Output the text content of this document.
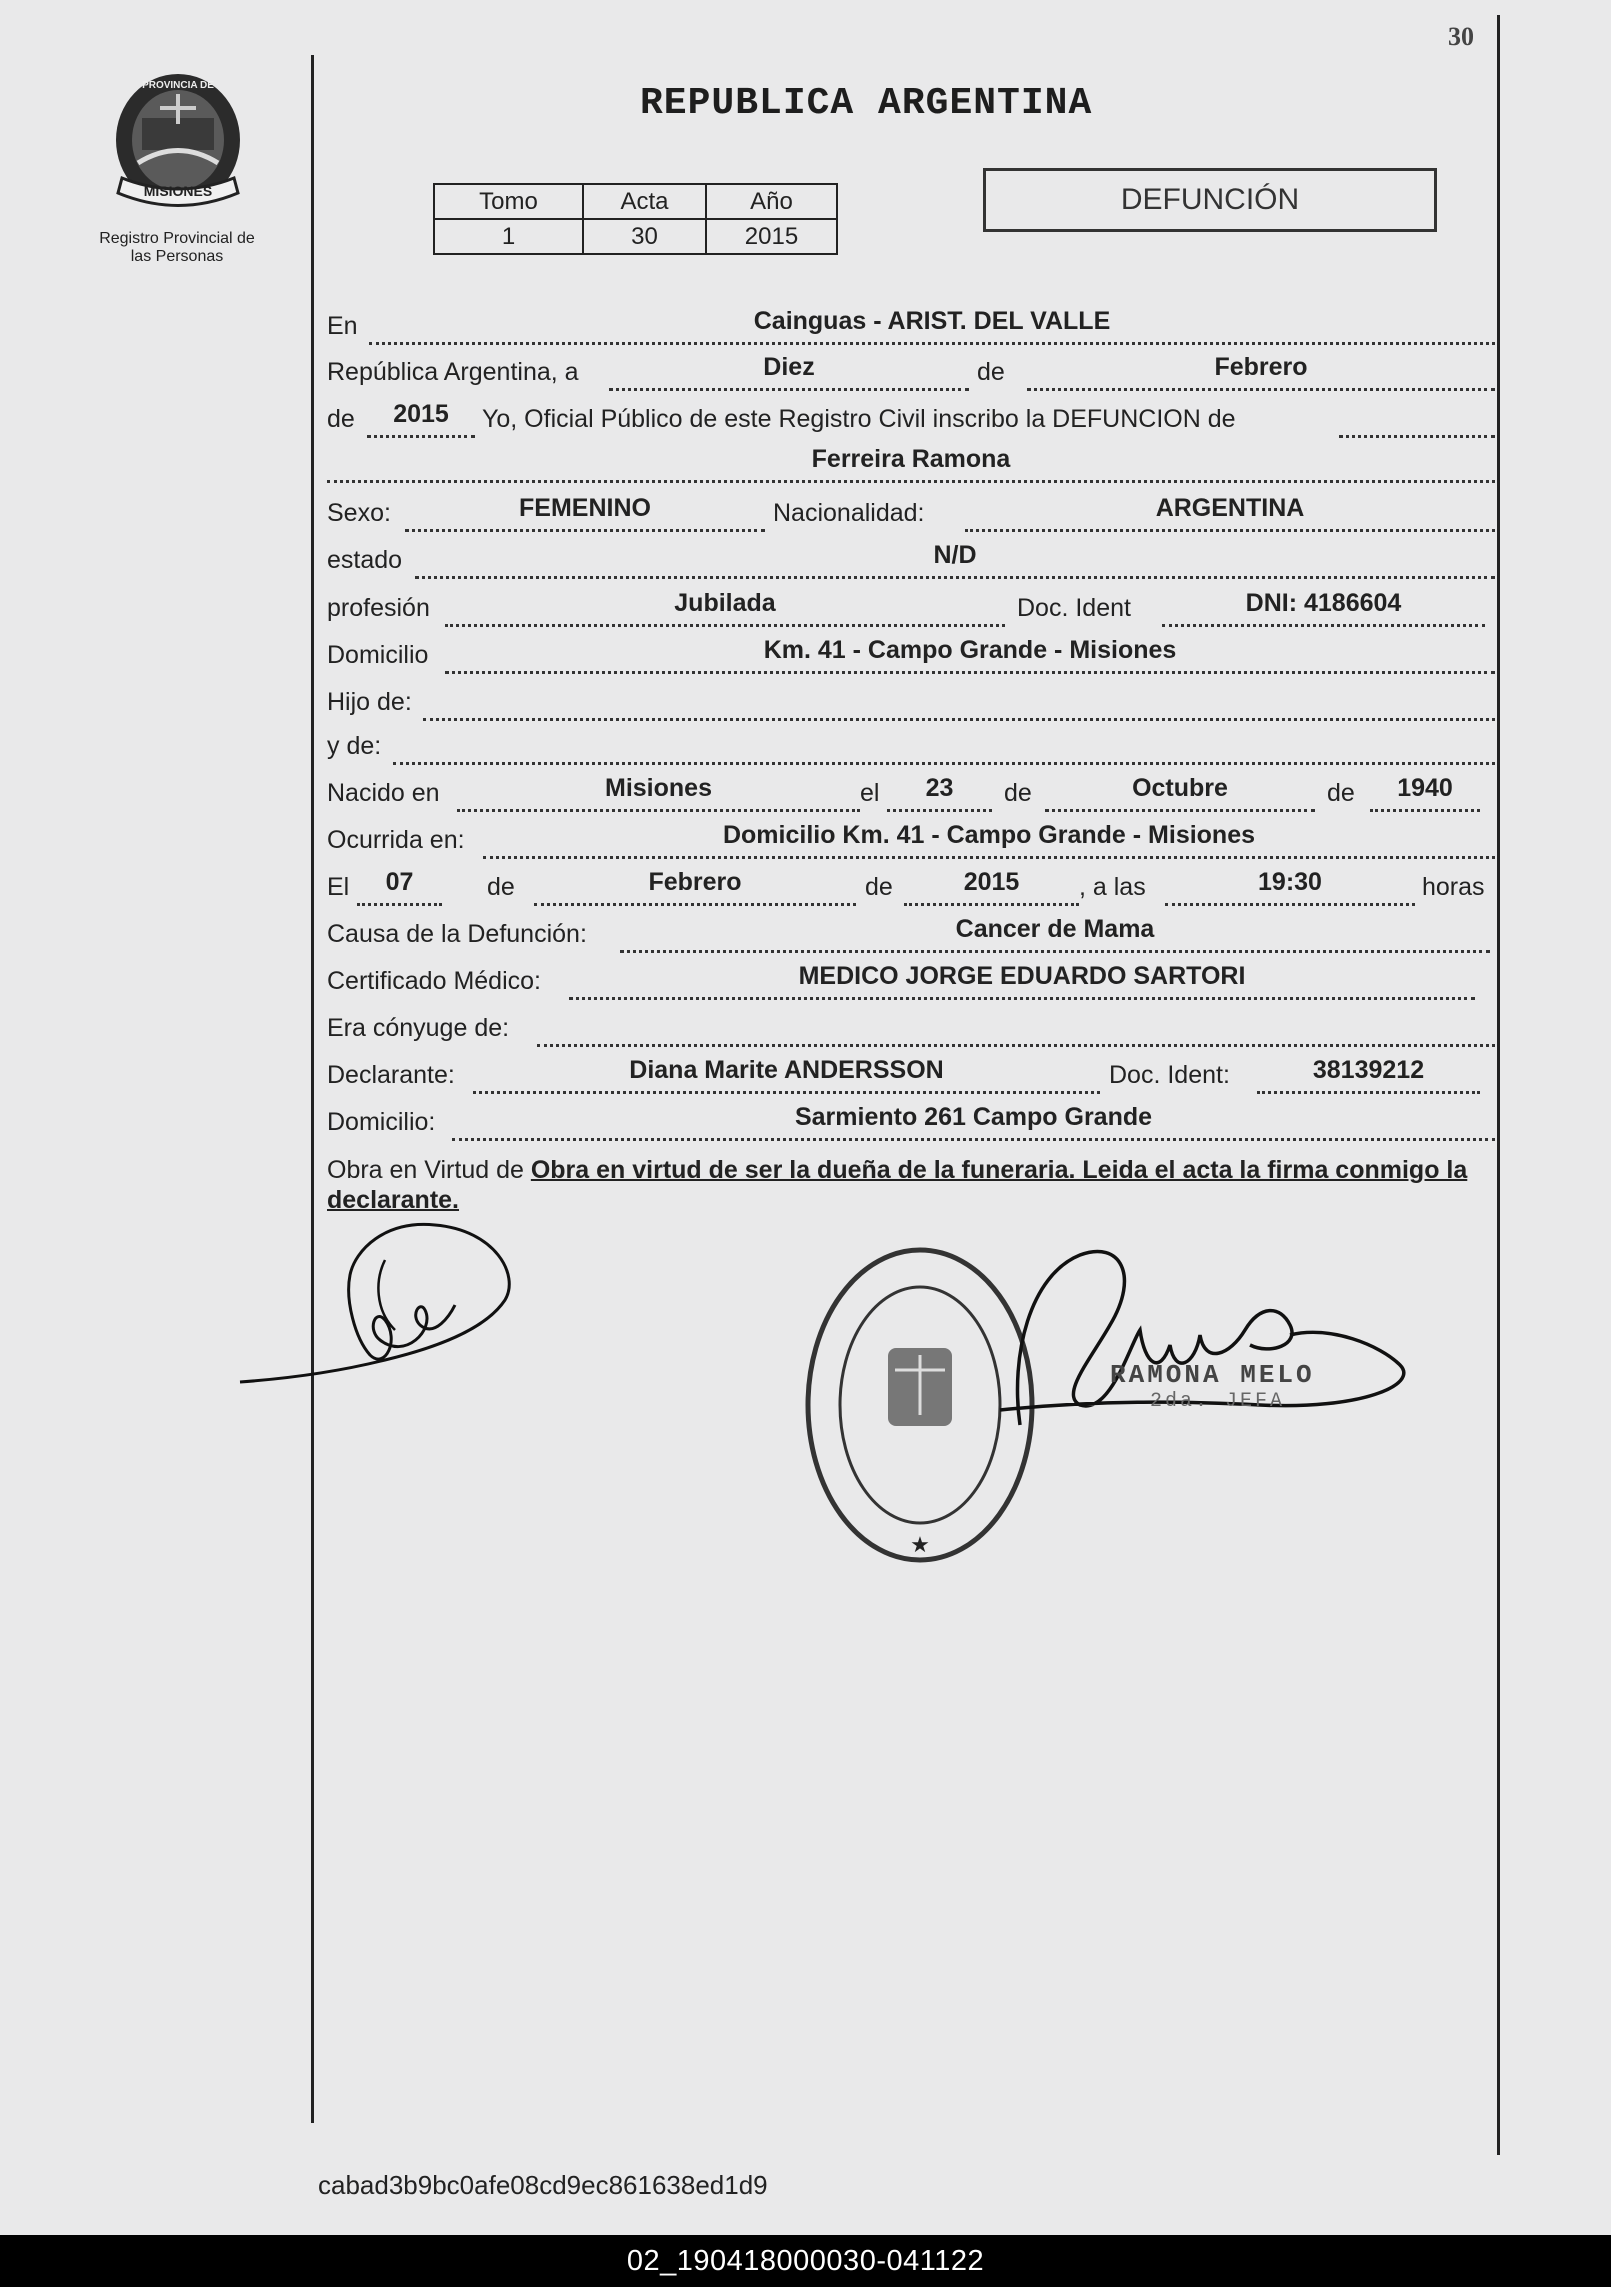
30
MISIONES
PROVINCIA DE
Registro Provincial de
las Personas
REPUBLICA ARGENTINA
Tomo	Acta	Año
1	30	2015
DEFUNCIÓN
En	Cainguas - ARIST. DEL VALLE
República Argentina, a	Diez	de	Febrero
de	2015	Yo, Oficial Público de este Registro Civil inscribo la DEFUNCION de
Ferreira Ramona
Sexo:	FEMENINO	Nacionalidad:	ARGENTINA
estado	N/D
profesión	Jubilada	Doc. Ident	DNI: 4186604
Domicilio	Km. 41 - Campo Grande - Misiones
Hijo de:
y de:
Nacido en	Misiones	el	23	de	Octubre	de	1940
Ocurrida en:	Domicilio Km. 41 - Campo Grande - Misiones
El	07	de	Febrero	de	2015	, a las	19:30	horas
Causa de la Defunción:	Cancer de Mama
Certificado Médico:	MEDICO JORGE EDUARDO SARTORI
Era cónyuge de:
Declarante:	Diana Marite ANDERSSON	Doc. Ident:	38139212
Domicilio:	Sarmiento 261 Campo Grande
Obra en Virtud de Obra en virtud de ser la dueña de la funeraria. Leida el acta la firma conmigo la declarante.
★
RAMONA MELO
2da. JEFA
cabad3b9bc0afe08cd9ec861638ed1d9
02_190418000030-041122
